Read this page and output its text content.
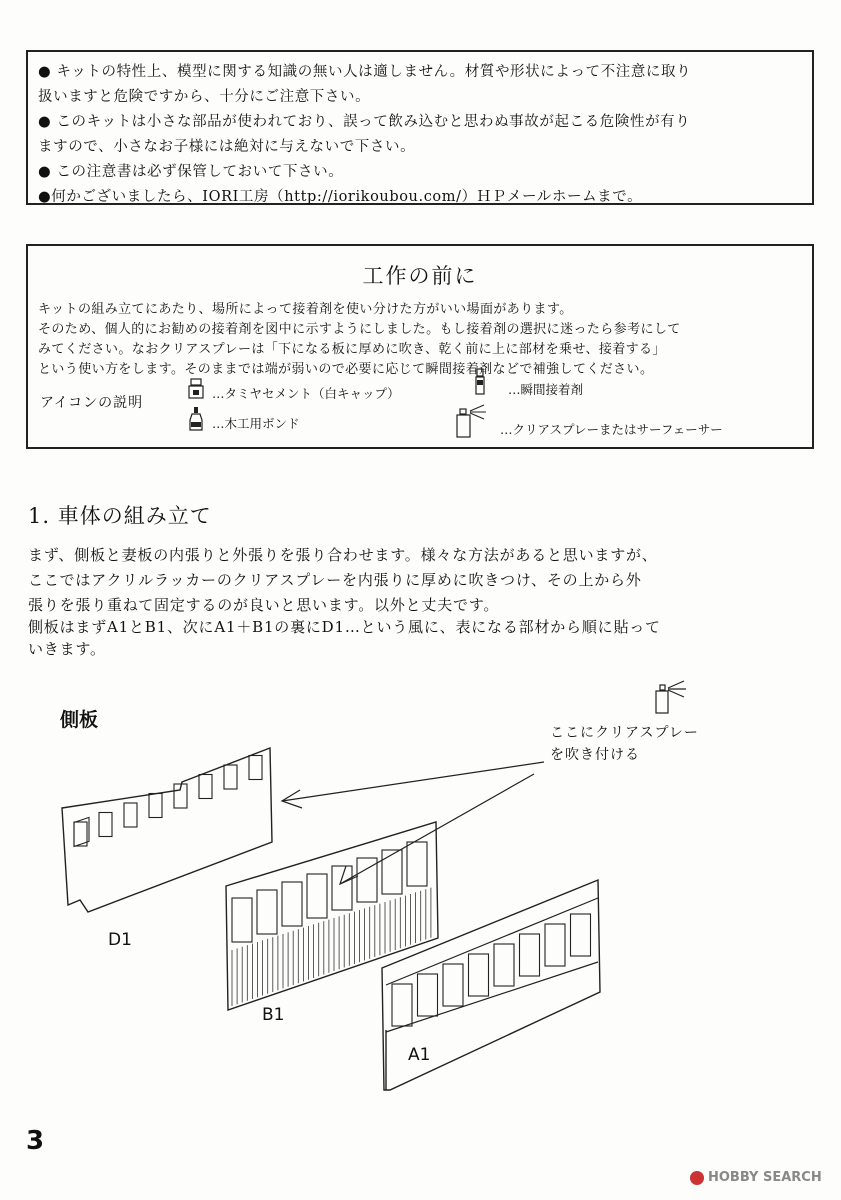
● キットの特性上、模型に関する知識の無い人は適しません。材質や形状によって不注意に取り
扱いますと危険ですから、十分にご注意下さい。
● このキットは小さな部品が使われており、誤って飲み込むと思わぬ事故が起こる危険性が有り
ますので、小さなお子様には絶対に与えないで下さい。
● この注意書は必ず保管しておいて下さい。
●何かございましたら、IORI工房（http://iorikoubou.com/）ＨＰメールホームまで。
工作の前に
キットの組み立てにあたり、場所によって接着剤を使い分けた方がいい場面があります。
そのため、個人的にお勧めの接着剤を図中に示すようにしました。もし接着剤の選択に迷ったら参考にして
みてください。なおクリアスプレーは「下になる板に厚めに吹き、乾く前に上に部材を乗せ、接着する」
という使い方をします。そのままでは端が弱いので必要に応じて瞬間接着剤などで補強してください。
アイコンの説明
…タミヤセメント（白キャップ）
…木工用ボンド
…瞬間接着剤
…クリアスプレーまたはサーフェーサー
1. 車体の組み立て
まず、側板と妻板の内張りと外張りを張り合わせます。様々な方法があると思いますが、
ここではアクリルラッカーのクリアスプレーを内張りに厚めに吹きつけ、その上から外
張りを張り重ねて固定するのが良いと思います。以外と丈夫です。
側板はまずA1とB1、次にA1＋B1の裏にD1…という風に、表になる部材から順に貼って
いきます。
側板
ここにクリアスプレー
を吹き付ける
D1
B1
A1
3
HOBBY SEARCH
